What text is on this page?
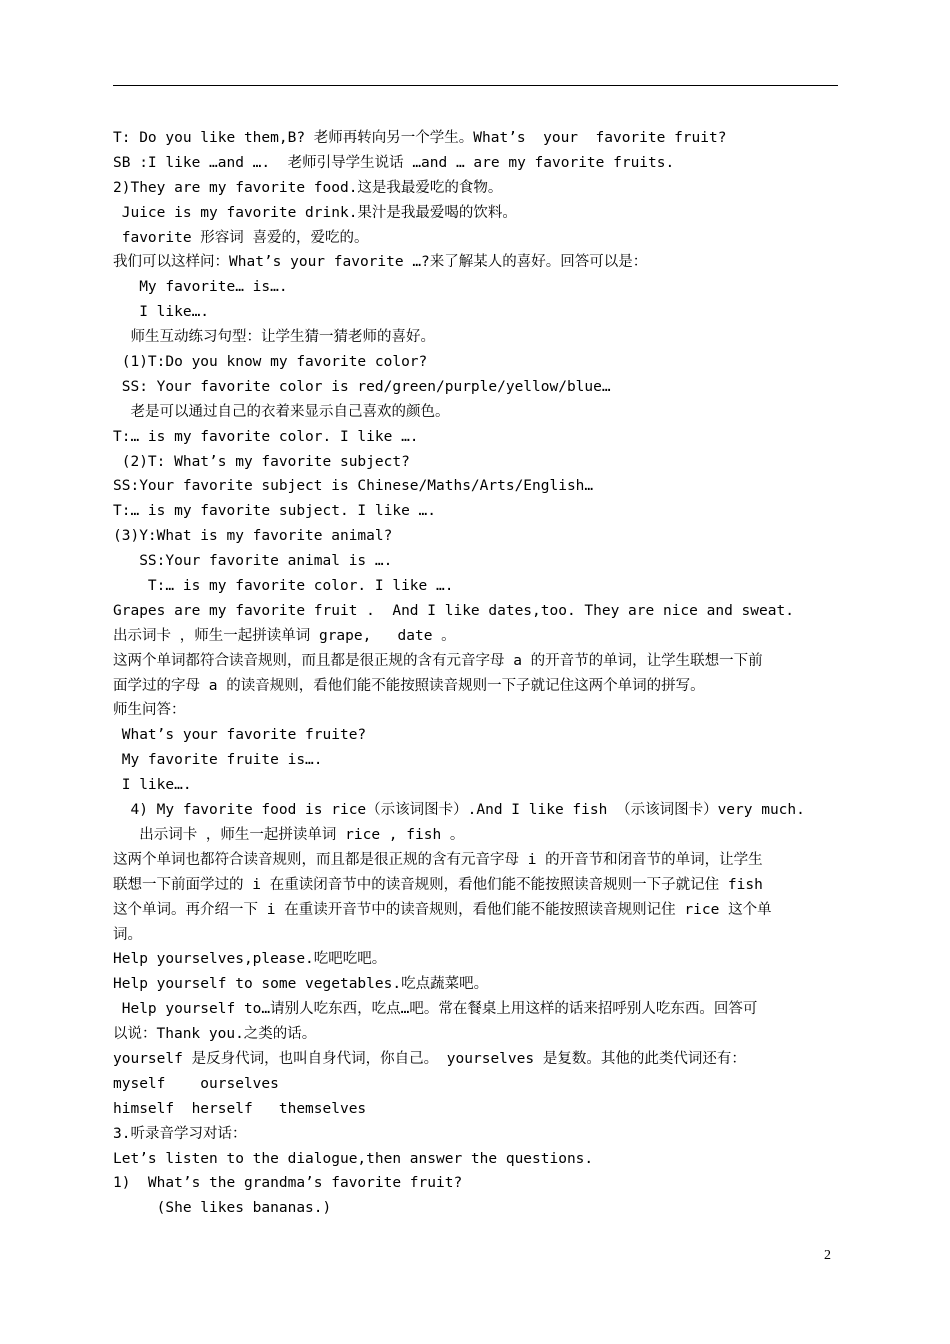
T: Do you like them,B? 老师再转向另一个学生。What’s  your  favorite fruit?
SB :I like …and ….  老师引导学生说话 …and … are my favorite fruits.
2)They are my favorite food.这是我最爱吃的食物。
Juice is my favorite drink.果汁是我最爱喝的饮料。
favorite 形容词 喜爱的，爱吃的。
我们可以这样问：What’s your favorite …?来了解某人的喜好。回答可以是：
My favorite… is….
I like….
师生互动练习句型：让学生猜一猜老师的喜好。
(1)T:Do you know my favorite color?
SS: Your favorite color is red/green/purple/yellow/blue…
老是可以通过自己的衣着来显示自己喜欢的颜色。
T:… is my favorite color. I like ….
(2)T: What’s my favorite subject?
SS:Your favorite subject is Chinese/Maths/Arts/English…
T:… is my favorite subject. I like ….
(3)Y:What is my favorite animal?
SS:Your favorite animal is ….
T:… is my favorite color. I like ….
Grapes are my favorite fruit .  And I like dates,too. They are nice and sweat.
出示词卡 ，师生一起拼读单词 grape,   date 。
这两个单词都符合读音规则，而且都是很正规的含有元音字母 a 的开音节的单词，让学生联想一下前
面学过的字母 a 的读音规则，看他们能不能按照读音规则一下子就记住这两个单词的拼写。
师生问答：
What’s your favorite fruite?
My favorite fruite is….
I like….
4) My favorite food is rice（示该词图卡）.And I like fish （示该词图卡）very much.
出示词卡 ，师生一起拼读单词 rice , fish 。
这两个单词也都符合读音规则，而且都是很正规的含有元音字母 i 的开音节和闭音节的单词，让学生
联想一下前面学过的 i 在重读闭音节中的读音规则，看他们能不能按照读音规则一下子就记住 fish
这个单词。再介绍一下 i 在重读开音节中的读音规则，看他们能不能按照读音规则记住 rice 这个单
词。
Help yourselves,please.吃吧吃吧。
Help yourself to some vegetables.吃点蔬菜吧。
Help yourself to…请别人吃东西，吃点…吧。常在餐桌上用这样的话来招呼别人吃东西。回答可
以说：Thank you.之类的话。
yourself 是反身代词，也叫自身代词，你自己。 yourselves 是复数。其他的此类代词还有：
myself    ourselves
himself  herself   themselves
3.听录音学习对话：
Let’s listen to the dialogue,then answer the questions.
1)  What’s the grandma’s favorite fruit?
(She likes bananas.)
2
